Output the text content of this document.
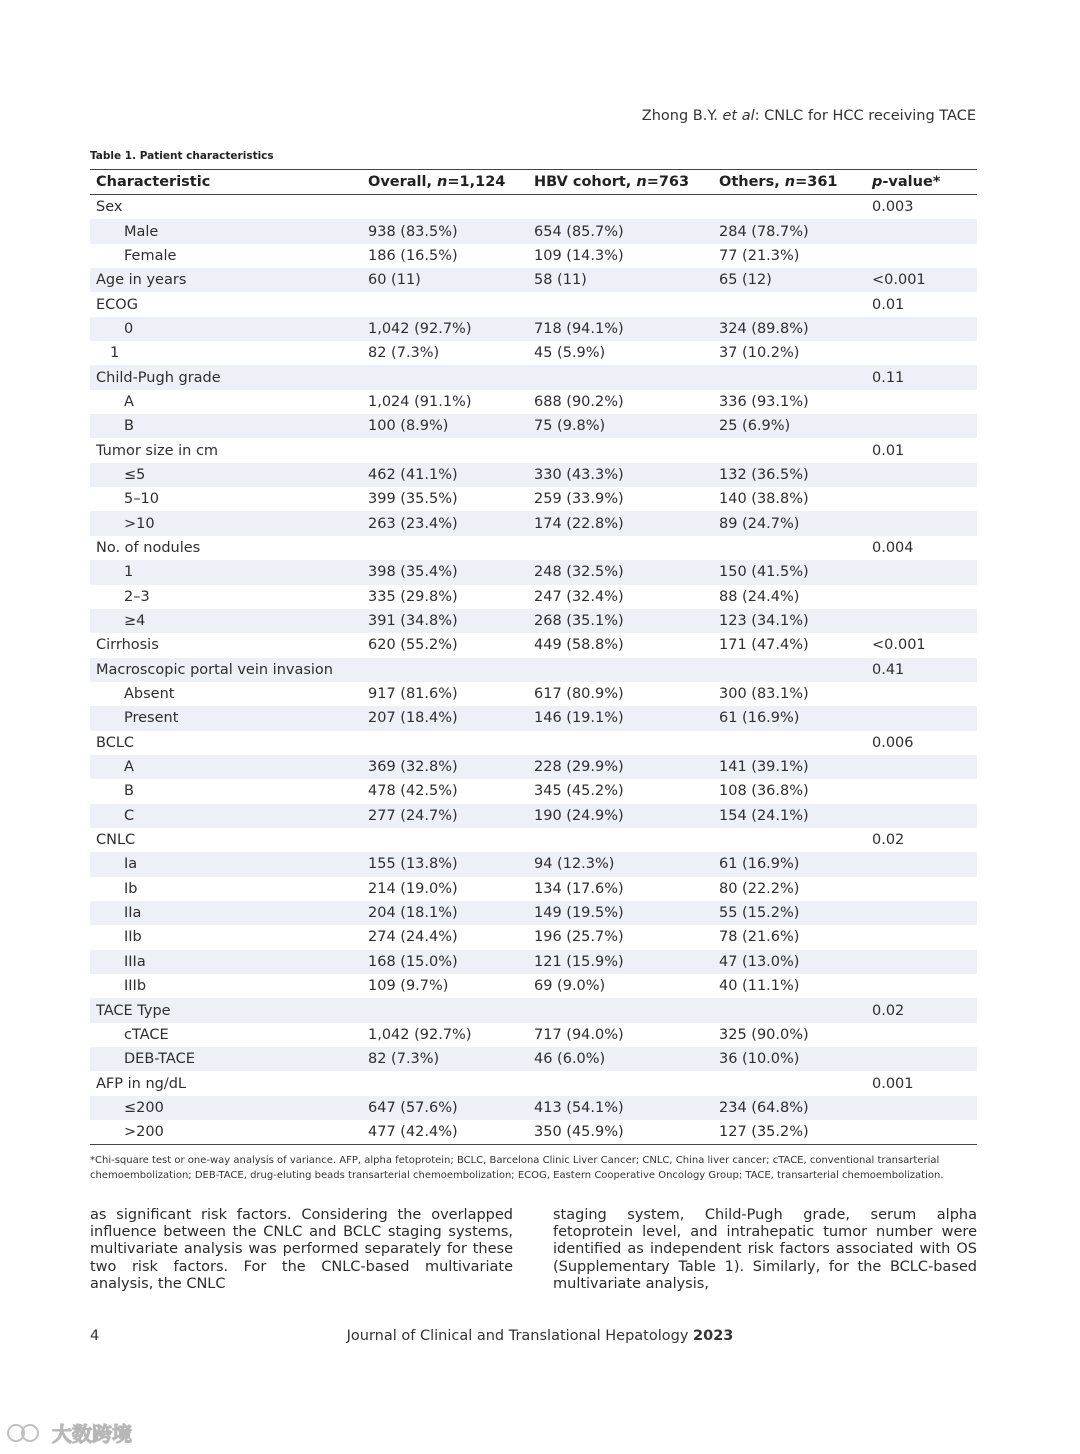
Zhong B.Y. et al: CNLC for HCC receiving TACE
Table 1. Patient characteristics
Characteristic	Overall, n=1,124	HBV cohort, n=763	Others, n=361	p-value*
Sex				0.003
Male	938 (83.5%)	654 (85.7%)	284 (78.7%)	
Female	186 (16.5%)	109 (14.3%)	77 (21.3%)	
Age in years	60 (11)	58 (11)	65 (12)	<0.001
ECOG				0.01
0	1,042 (92.7%)	718 (94.1%)	324 (89.8%)	
1	82 (7.3%)	45 (5.9%)	37 (10.2%)	
Child-Pugh grade				0.11
A	1,024 (91.1%)	688 (90.2%)	336 (93.1%)	
B	100 (8.9%)	75 (9.8%)	25 (6.9%)	
Tumor size in cm				0.01
≤5	462 (41.1%)	330 (43.3%)	132 (36.5%)	
5–10	399 (35.5%)	259 (33.9%)	140 (38.8%)	
>10	263 (23.4%)	174 (22.8%)	89 (24.7%)	
No. of nodules				0.004
1	398 (35.4%)	248 (32.5%)	150 (41.5%)	
2–3	335 (29.8%)	247 (32.4%)	88 (24.4%)	
≥4	391 (34.8%)	268 (35.1%)	123 (34.1%)	
Cirrhosis	620 (55.2%)	449 (58.8%)	171 (47.4%)	<0.001
Macroscopic portal vein invasion				0.41
Absent	917 (81.6%)	617 (80.9%)	300 (83.1%)	
Present	207 (18.4%)	146 (19.1%)	61 (16.9%)	
BCLC				0.006
A	369 (32.8%)	228 (29.9%)	141 (39.1%)	
B	478 (42.5%)	345 (45.2%)	108 (36.8%)	
C	277 (24.7%)	190 (24.9%)	154 (24.1%)	
CNLC				0.02
Ia	155 (13.8%)	94 (12.3%)	61 (16.9%)	
Ib	214 (19.0%)	134 (17.6%)	80 (22.2%)	
IIa	204 (18.1%)	149 (19.5%)	55 (15.2%)	
IIb	274 (24.4%)	196 (25.7%)	78 (21.6%)	
IIIa	168 (15.0%)	121 (15.9%)	47 (13.0%)	
IIIb	109 (9.7%)	69 (9.0%)	40 (11.1%)	
TACE Type				0.02
cTACE	1,042 (92.7%)	717 (94.0%)	325 (90.0%)	
DEB-TACE	82 (7.3%)	46 (6.0%)	36 (10.0%)	
AFP in ng/dL				0.001
≤200	647 (57.6%)	413 (54.1%)	234 (64.8%)	
>200	477 (42.4%)	350 (45.9%)	127 (35.2%)	
*Chi-square test or one-way analysis of variance. AFP, alpha fetoprotein; BCLC, Barcelona Clinic Liver Cancer; CNLC, China liver cancer; cTACE, conventional transarterial chemoembolization; DEB-TACE, drug-eluting beads transarterial chemoembolization; ECOG, Eastern Cooperative Oncology Group; TACE, transarterial chemoembolization.
as significant risk factors. Considering the overlapped influence between the CNLC and BCLC staging systems, multivariate analysis was performed separately for these two risk factors. For the CNLC-based multivariate analysis, the CNLC
staging system, Child-Pugh grade, serum alpha fetoprotein level, and intrahepatic tumor number were identified as independent risk factors associated with OS (Supplementary Table 1). Similarly, for the BCLC-based multivariate analysis,
4	Journal of Clinical and Translational Hepatology 2023
大数跨境
